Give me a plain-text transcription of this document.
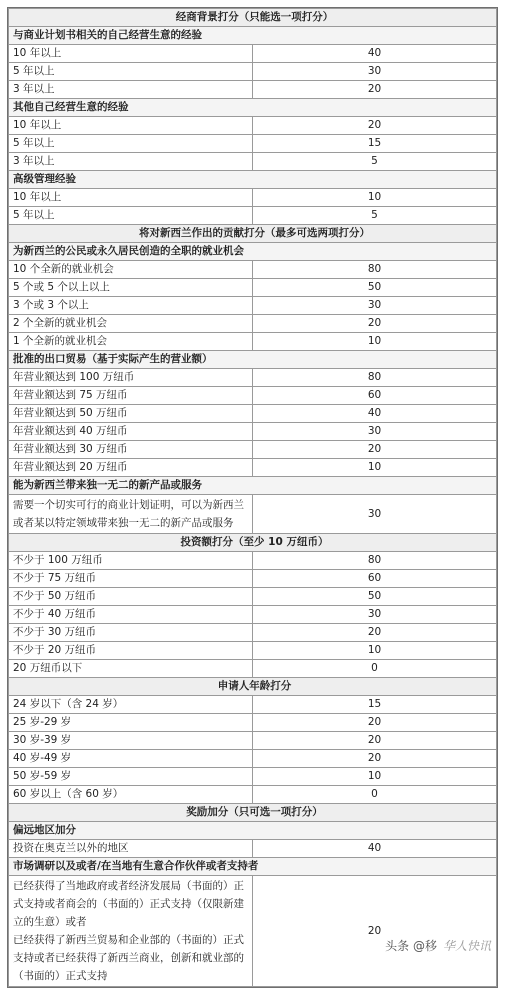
经商背景打分（只能选一项打分）	
与商业计划书相关的自己经营生意的经验	
10 年以上	40
5 年以上	30
3 年以上	20
其他自己经营生意的经验	
10 年以上	20
5 年以上	15
3 年以上	5
高级管理经验	
10 年以上	10
5 年以上	5
将对新西兰作出的贡献打分（最多可选两项打分）	
为新西兰的公民或永久居民创造的全职的就业机会	
10 个全新的就业机会	80
5 个或 5 个以上以上	50
3 个或 3 个以上	30
2 个全新的就业机会	20
1 个全新的就业机会	10
批准的出口贸易（基于实际产生的营业额）	
年营业额达到 100 万纽币	80
年营业额达到 75 万纽币	60
年营业额达到 50 万纽币	40
年营业额达到 40 万纽币	30
年营业额达到 30 万纽币	20
年营业额达到 20 万纽币	10
能为新西兰带来独一无二的新产品或服务	
需要一个切实可行的商业计划证明，可以为新西兰或者某以特定领域带来独一无二的新产品或服务	30
投资额打分（至少 10 万纽币）	
不少于 100 万纽币	80
不少于 75 万纽币	60
不少于 50 万纽币	50
不少于 40 万纽币	30
不少于 30 万纽币	20
不少于 20 万纽币	10
20 万纽币以下	0
申请人年龄打分	
24 岁以下（含 24 岁）	15
25 岁-29 岁	20
30 岁-39 岁	20
40 岁-49 岁	20
50 岁-59 岁	10
60 岁以上（含 60 岁）	0
奖励加分（只可选一项打分）	
偏远地区加分	
投资在奥克兰以外的地区	40
市场调研以及或者/在当地有生意合作伙伴或者支持者	
已经获得了当地政府或者经济发展局（书面的）正式支持或者商会的（书面的）正式支持（仅限新建立的生意）或者
已经获得了新西兰贸易和企业部的（书面的）正式支持或者已经获得了新西兰商业，创新和就业部的（书面的）正式支持	20
头条 @移 华人快讯
